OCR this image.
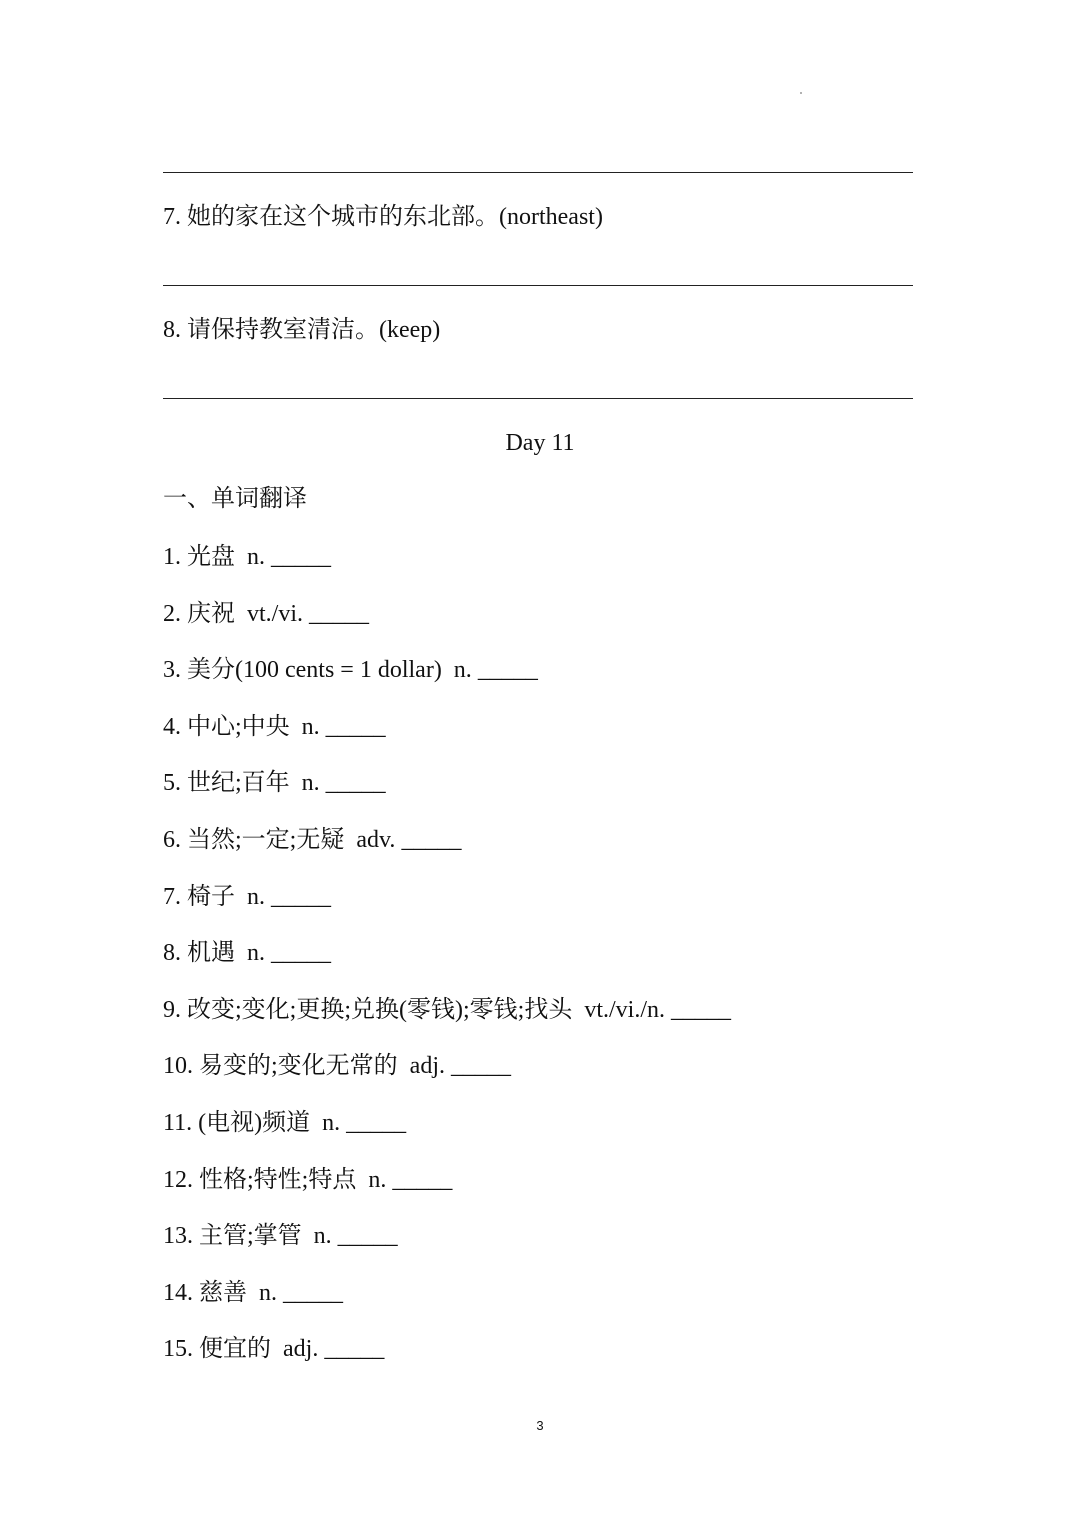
7. 她的家在这个城市的东北部。(northeast)
8. 请保持教室清洁。(keep)
Day 11
一、单词翻译
1. 光盘  n. _____
2. 庆祝  vt./vi. _____
3. 美分(100 cents = 1 dollar)  n. _____
4. 中心;中央  n. _____
5. 世纪;百年  n. _____
6. 当然;一定;无疑  adv. _____
7. 椅子  n. _____
8. 机遇  n. _____
9. 改变;变化;更换;兑换(零钱);零钱;找头  vt./vi./n. _____
10. 易变的;变化无常的  adj. _____
11. (电视)频道  n. _____
12. 性格;特性;特点  n. _____
13. 主管;掌管  n. _____
14. 慈善  n. _____
15. 便宜的  adj. _____
3
